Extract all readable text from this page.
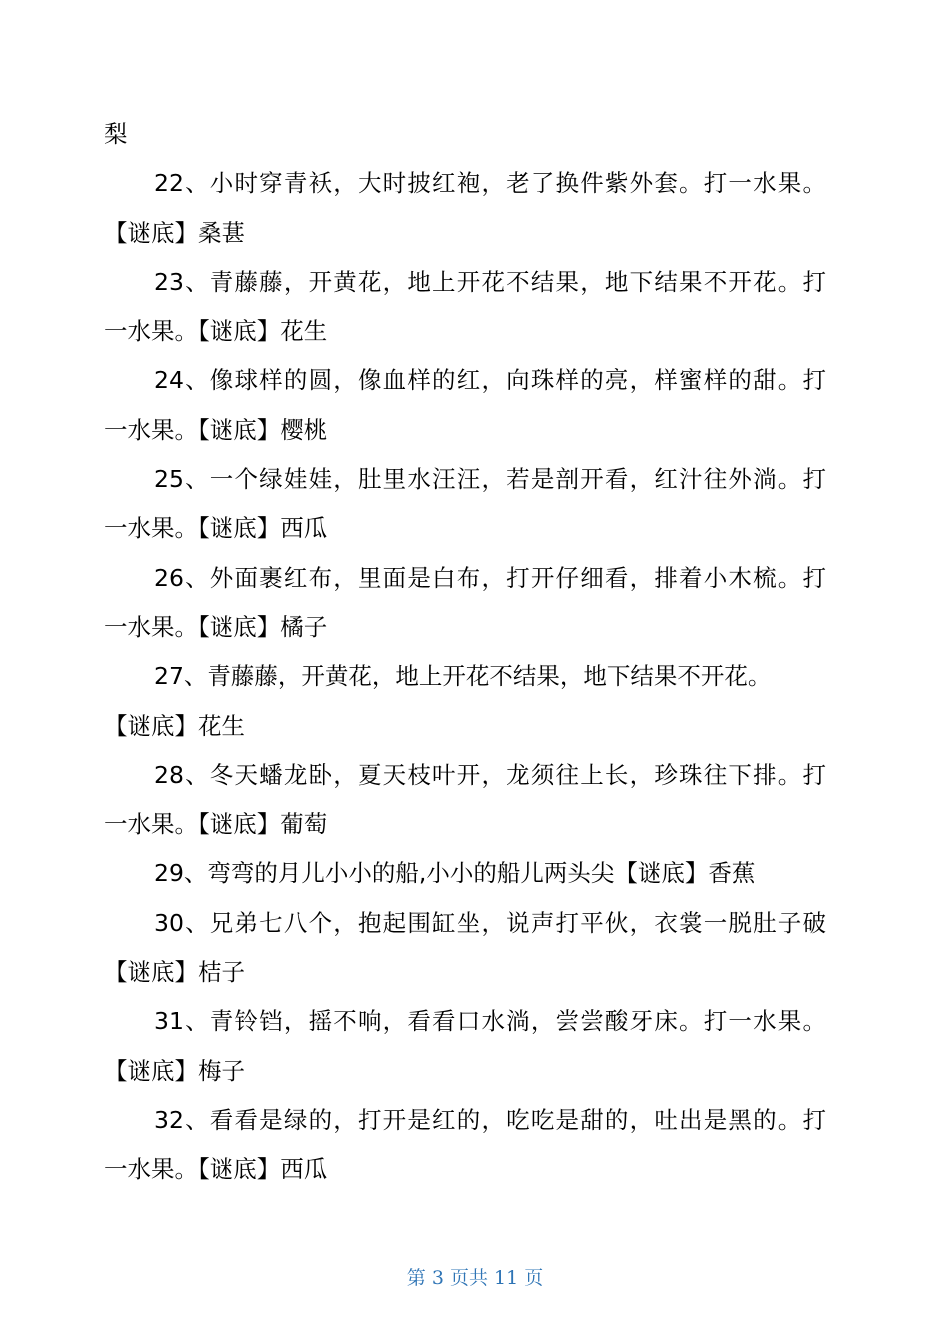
梨
22、小时穿青袄，大时披红袍，老了换件紫外套。打一水果。
【谜底】桑葚
23、青藤藤，开黄花，地上开花不结果，地下结果不开花。打
一水果。【谜底】花生
24、像球样的圆，像血样的红，向珠样的亮，样蜜样的甜。打
一水果。【谜底】樱桃
25、一个绿娃娃，肚里水汪汪，若是剖开看，红汁往外淌。打
一水果。【谜底】西瓜
26、外面裹红布，里面是白布，打开仔细看，排着小木梳。打
一水果。【谜底】橘子
27、青藤藤，开黄花，地上开花不结果，地下结果不开花。
【谜底】花生
28、冬天蟠龙卧，夏天枝叶开，龙须往上长，珍珠往下排。打
一水果。【谜底】葡萄
29、弯弯的月儿小小的船,小小的船儿两头尖【谜底】香蕉
30、兄弟七八个，抱起围缸坐，说声打平伙，衣裳一脱肚子破
【谜底】桔子
31、青铃铛，摇不响，看看口水淌，尝尝酸牙床。打一水果。
【谜底】梅子
32、看看是绿的，打开是红的，吃吃是甜的，吐出是黑的。打
一水果。【谜底】西瓜
第 3 页共 11 页
